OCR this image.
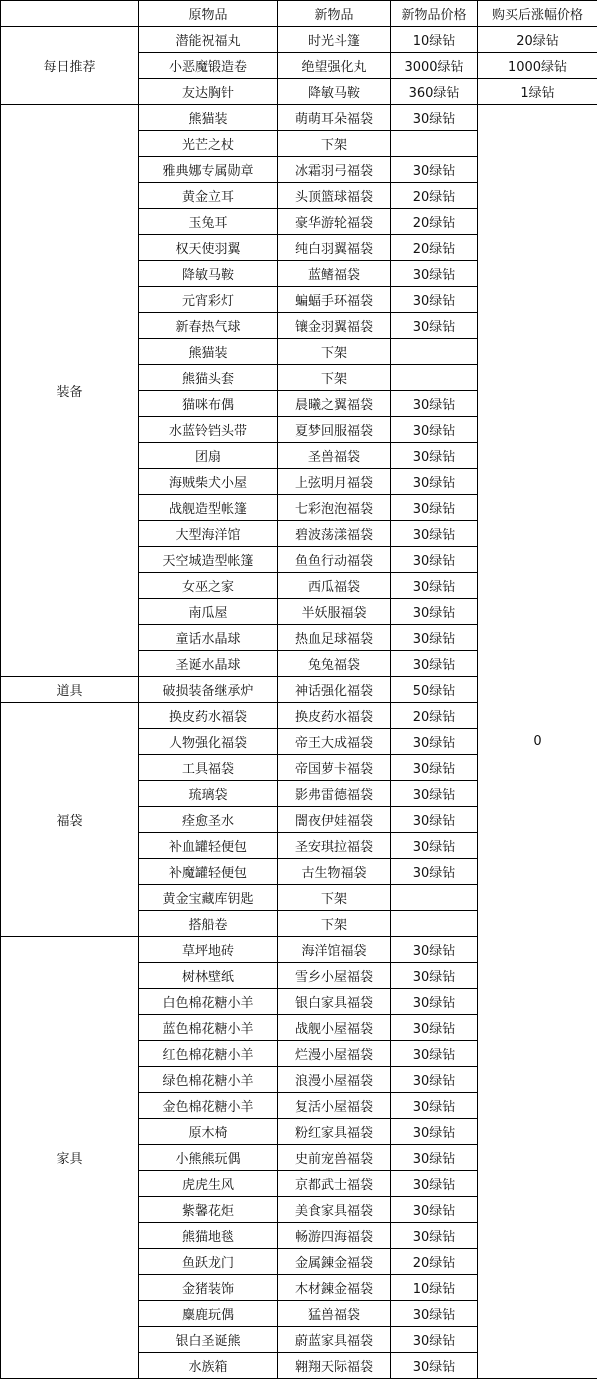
	原物品	新物品	新物品价格	购买后涨幅价格
每日推荐	潜能祝福丸	时光斗篷	10绿钻	20绿钻
	小恶魔锻造卷	绝望强化丸	3000绿钻	1000绿钻
	友达胸针	降敏马鞍	360绿钻	1绿钻
装备	熊猫装	萌萌耳朵福袋	30绿钻	0
	光芒之杖	下架		
	雅典娜专属勋章	冰霜羽弓福袋	30绿钻	
	黄金立耳	头顶篮球福袋	20绿钻	
	玉兔耳	豪华游轮福袋	20绿钻	
	权天使羽翼	纯白羽翼福袋	20绿钻	
	降敏马鞍	蓝鳍福袋	30绿钻	
	元宵彩灯	蝙蝠手环福袋	30绿钻	
	新春热气球	镶金羽翼福袋	30绿钻	
	熊猫装	下架		
	熊猫头套	下架		
	猫咪布偶	晨曦之翼福袋	30绿钻	
	水蓝铃铛头带	夏梦回服福袋	30绿钻	
	团扇	圣兽福袋	30绿钻	
	海贼柴犬小屋	上弦明月福袋	30绿钻	
	战舰造型帐篷	七彩泡泡福袋	30绿钻	
	大型海洋馆	碧波荡漾福袋	30绿钻	
	天空城造型帐篷	鱼鱼行动福袋	30绿钻	
	女巫之家	西瓜福袋	30绿钻	
	南瓜屋	半妖服福袋	30绿钻	
	童话水晶球	热血足球福袋	30绿钻	
	圣诞水晶球	兔兔福袋	30绿钻	
道具	破损装备继承炉	神话强化福袋	50绿钻	
福袋	换皮药水福袋	换皮药水福袋	20绿钻	
	人物强化福袋	帝王大成福袋	30绿钻	
	工具福袋	帝国萝卡福袋	30绿钻	
	琉璃袋	影弗雷德福袋	30绿钻	
	痊愈圣水	闇夜伊娃福袋	30绿钻	
	补血罐轻便包	圣安琪拉福袋	30绿钻	
	补魔罐轻便包	古生物福袋	30绿钻	
	黄金宝藏库钥匙	下架		
	搭船卷	下架		
家具	草坪地砖	海洋馆福袋	30绿钻	
	树林壁纸	雪乡小屋福袋	30绿钻	
	白色棉花糖小羊	银白家具福袋	30绿钻	
	蓝色棉花糖小羊	战舰小屋福袋	30绿钻	
	红色棉花糖小羊	烂漫小屋福袋	30绿钻	
	绿色棉花糖小羊	浪漫小屋福袋	30绿钻	
	金色棉花糖小羊	复活小屋福袋	30绿钻	
	原木椅	粉红家具福袋	30绿钻	
	小熊熊玩偶	史前宠兽福袋	30绿钻	
	虎虎生风	京都武士福袋	30绿钻	
	紫馨花炬	美食家具福袋	30绿钻	
	熊猫地毯	畅游四海福袋	30绿钻	
	鱼跃龙门	金属錬金福袋	20绿钻	
	金猪装饰	木材錬金福袋	10绿钻	
	麋鹿玩偶	猛兽福袋	30绿钻	
	银白圣诞熊	蔚蓝家具福袋	30绿钻	
	水族箱	翱翔天际福袋	30绿钻	
